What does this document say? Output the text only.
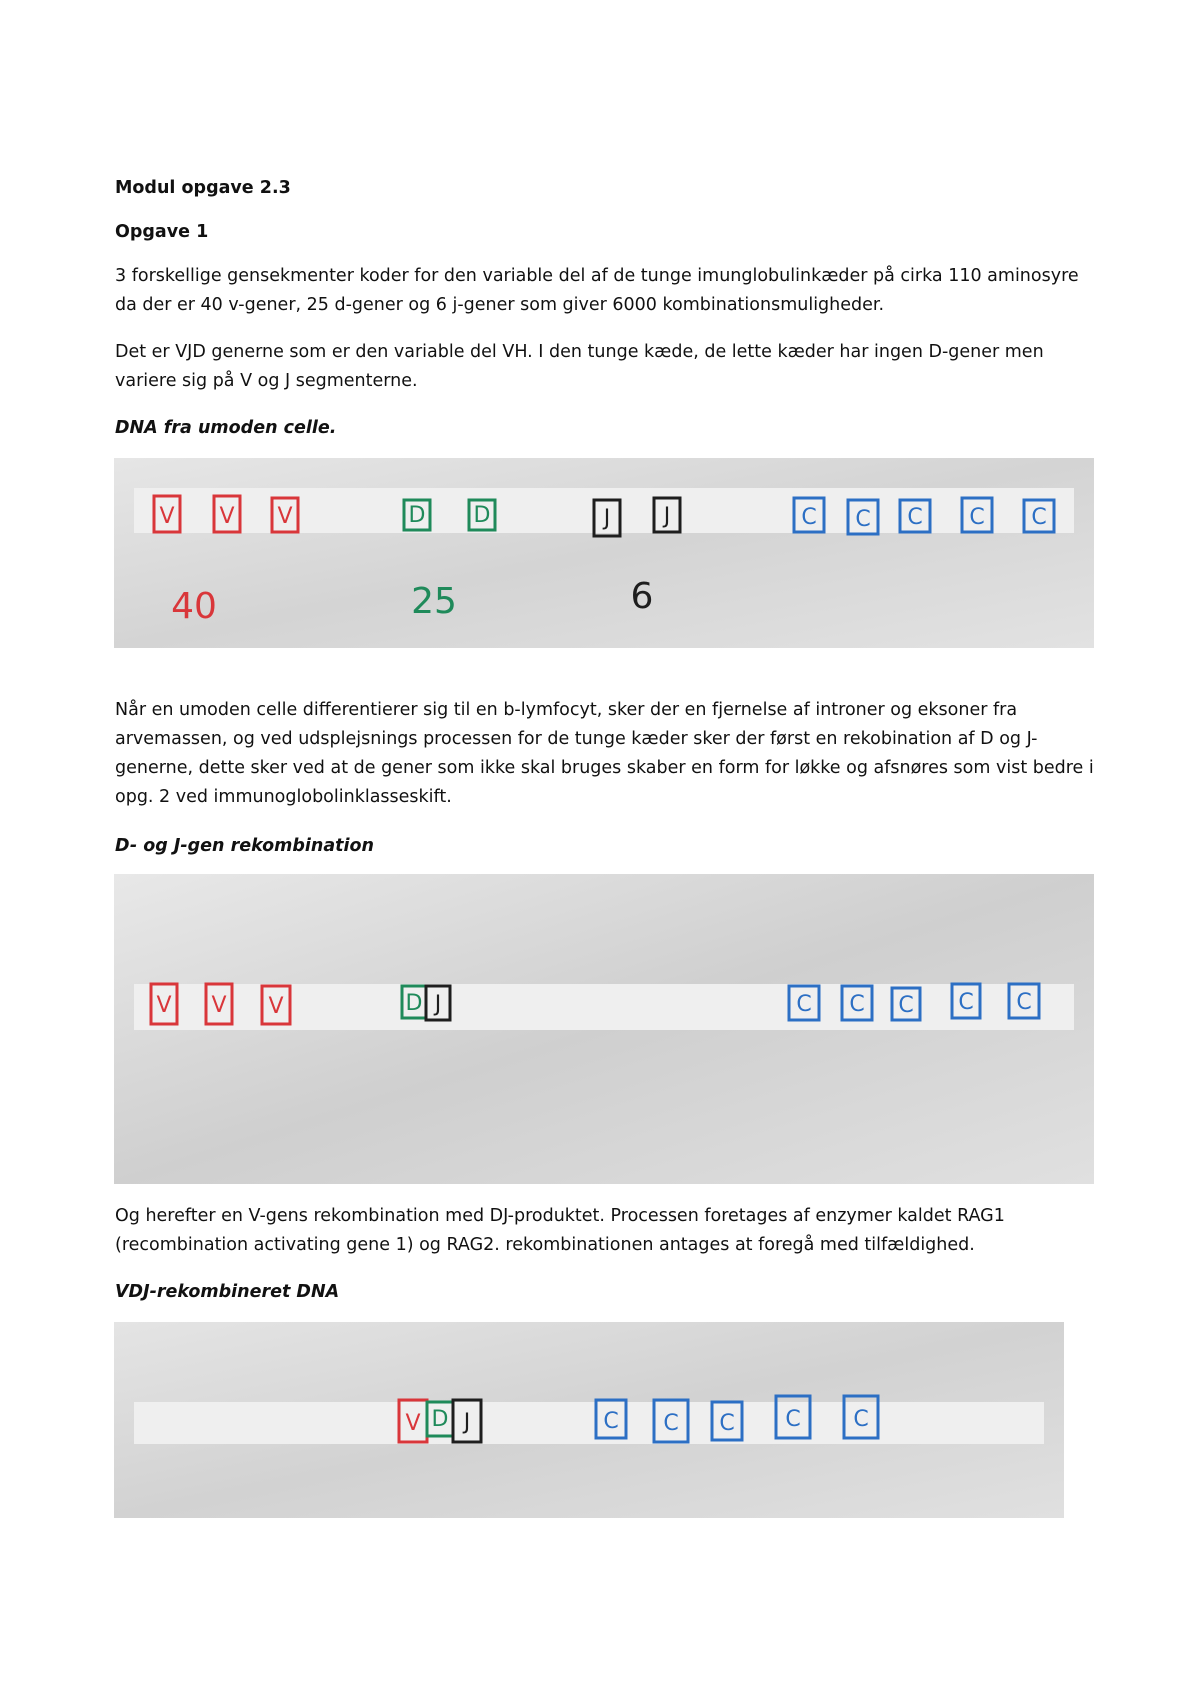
Modul opgave 2.3
Opgave 1
3 forskellige gensekmenter koder for den variable del af de tunge imunglobulinkæder på cirka 110 aminosyre da der er 40 v-gener, 25 d-gener og 6 j-gener som giver 6000 kombinationsmuligheder.
Det er VJD generne som er den variable del VH. I den tunge kæde, de lette kæder har ingen D-gener men variere sig på V og J segmenterne.
DNA fra umoden celle.
V V V	D D	J J	C C C C C
40	25	6
Når en umoden celle differentierer sig til en b-lymfocyt, sker der en fjernelse af introner og eksoner fra arvemassen, og ved udsplejsnings processen for de tunge kæder sker der først en rekobination af D og J-generne, dette sker ved at de gener som ikke skal bruges skaber en form for løkke og afsnøres som vist bedre i opg. 2 ved immunoglobolinklasseskift.
D- og J-gen rekombination
V V V	D J	C C C C C
Og herefter en V-gens rekombination med DJ-produktet. Processen foretages af enzymer kaldet RAG1 (recombination activating gene 1) og RAG2. rekombinationen antages at foregå med tilfældighed.
VDJ-rekombineret DNA
V D J	C C C C C
